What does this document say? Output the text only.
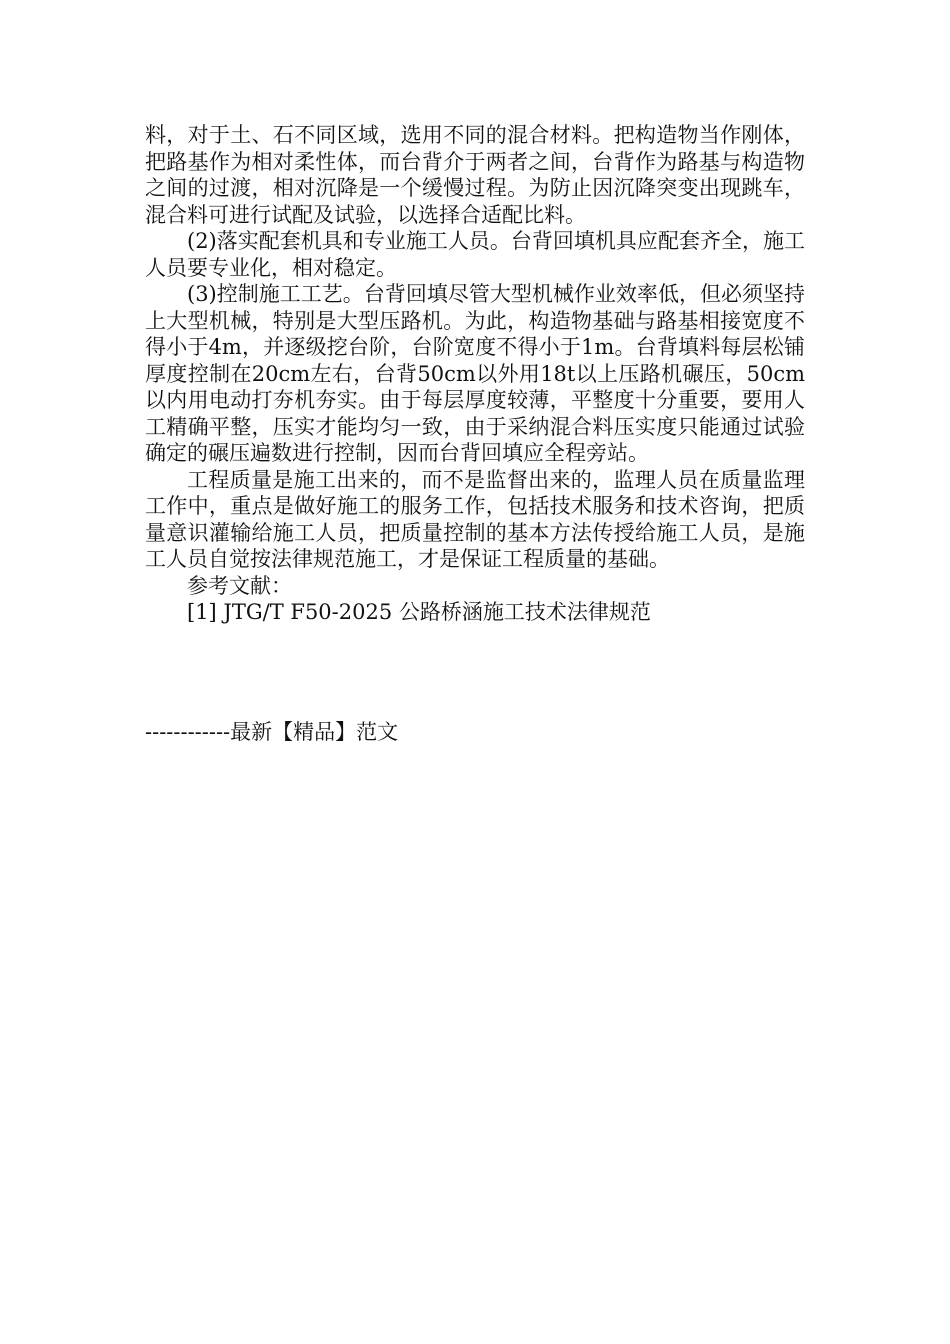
料，对于土、石不同区域，选用不同的混合材料。把构造物当作刚体，把路基作为相对柔性体，而台背介于两者之间，台背作为路基与构造物之间的过渡，相对沉降是一个缓慢过程。为防止因沉降突变出现跳车，混合料可进行试配及试验，以选择合适配比料。

(2)落实配套机具和专业施工人员。台背回填机具应配套齐全，施工人员要专业化，相对稳定。

(3)控制施工工艺。台背回填尽管大型机械作业效率低，但必须坚持上大型机械，特别是大型压路机。为此，构造物基础与路基相接宽度不得小于4m，并逐级挖台阶，台阶宽度不得小于1m。台背填料每层松铺厚度控制在20cm左右，台背50cm以外用18t以上压路机碾压，50cm以内用电动打夯机夯实。由于每层厚度较薄，平整度十分重要，要用人工精确平整，压实才能均匀一致，由于采纳混合料压实度只能通过试验确定的碾压遍数进行控制，因而台背回填应全程旁站。

工程质量是施工出来的，而不是监督出来的，监理人员在质量监理工作中，重点是做好施工的服务工作，包括技术服务和技术咨询，把质量意识灌输给施工人员，把质量控制的基本方法传授给施工人员，是施工人员自觉按法律规范施工，才是保证工程质量的基础。

参考文献：

[1] JTG/T F50-2025 公路桥涵施工技术法律规范

------------最新【精品】范文
